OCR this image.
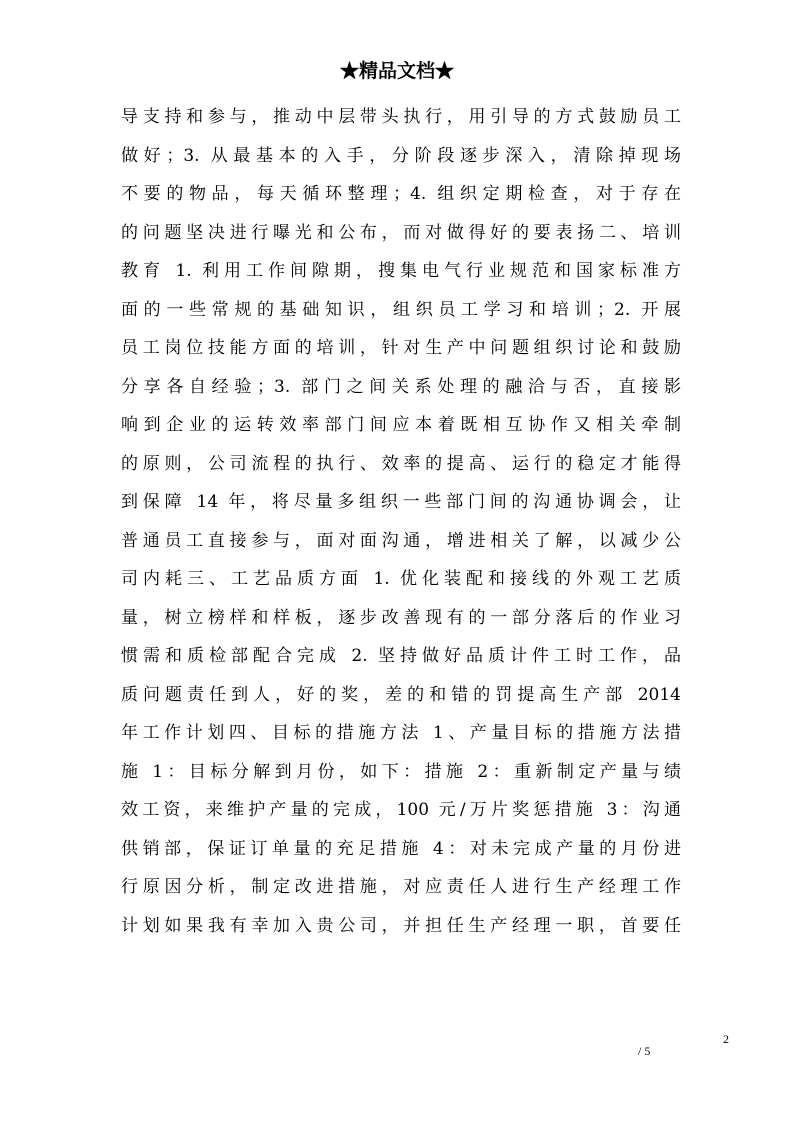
★精品文档★
导支持和参与，推动中层带头执行，用引导的方式鼓励员工
做好；3. 从最基本的入手，分阶段逐步深入，清除掉现场
不要的物品，每天循环整理；4. 组织定期检查，对于存在
的问题坚决进行曝光和公布，而对做得好的要表扬二、培训
教育 1. 利用工作间隙期，搜集电气行业规范和国家标准方
面的一些常规的基础知识，组织员工学习和培训；2. 开展
员工岗位技能方面的培训，针对生产中问题组织讨论和鼓励
分享各自经验；3. 部门之间关系处理的融洽与否，直接影
响到企业的运转效率部门间应本着既相互协作又相关牵制
的原则，公司流程的执行、效率的提高、运行的稳定才能得
到保障 14 年，将尽量多组织一些部门间的沟通协调会，让
普通员工直接参与，面对面沟通，增进相关了解，以减少公
司内耗三、工艺品质方面 1. 优化装配和接线的外观工艺质
量，树立榜样和样板，逐步改善现有的一部分落后的作业习
惯需和质检部配合完成 2. 坚持做好品质计件工时工作，品
质问题责任到人，好的奖，差的和错的罚提高生产部 2014
年工作计划四、目标的措施方法 1、产量目标的措施方法措
施 1：目标分解到月份，如下：措施 2：重新制定产量与绩
效工资，来维护产量的完成，100 元/万片奖惩措施 3：沟通
供销部，保证订单量的充足措施 4：对未完成产量的月份进
行原因分析，制定改进措施，对应责任人进行生产经理工作
计划如果我有幸加入贵公司，并担任生产经理一职，首要任
2
/ 5
